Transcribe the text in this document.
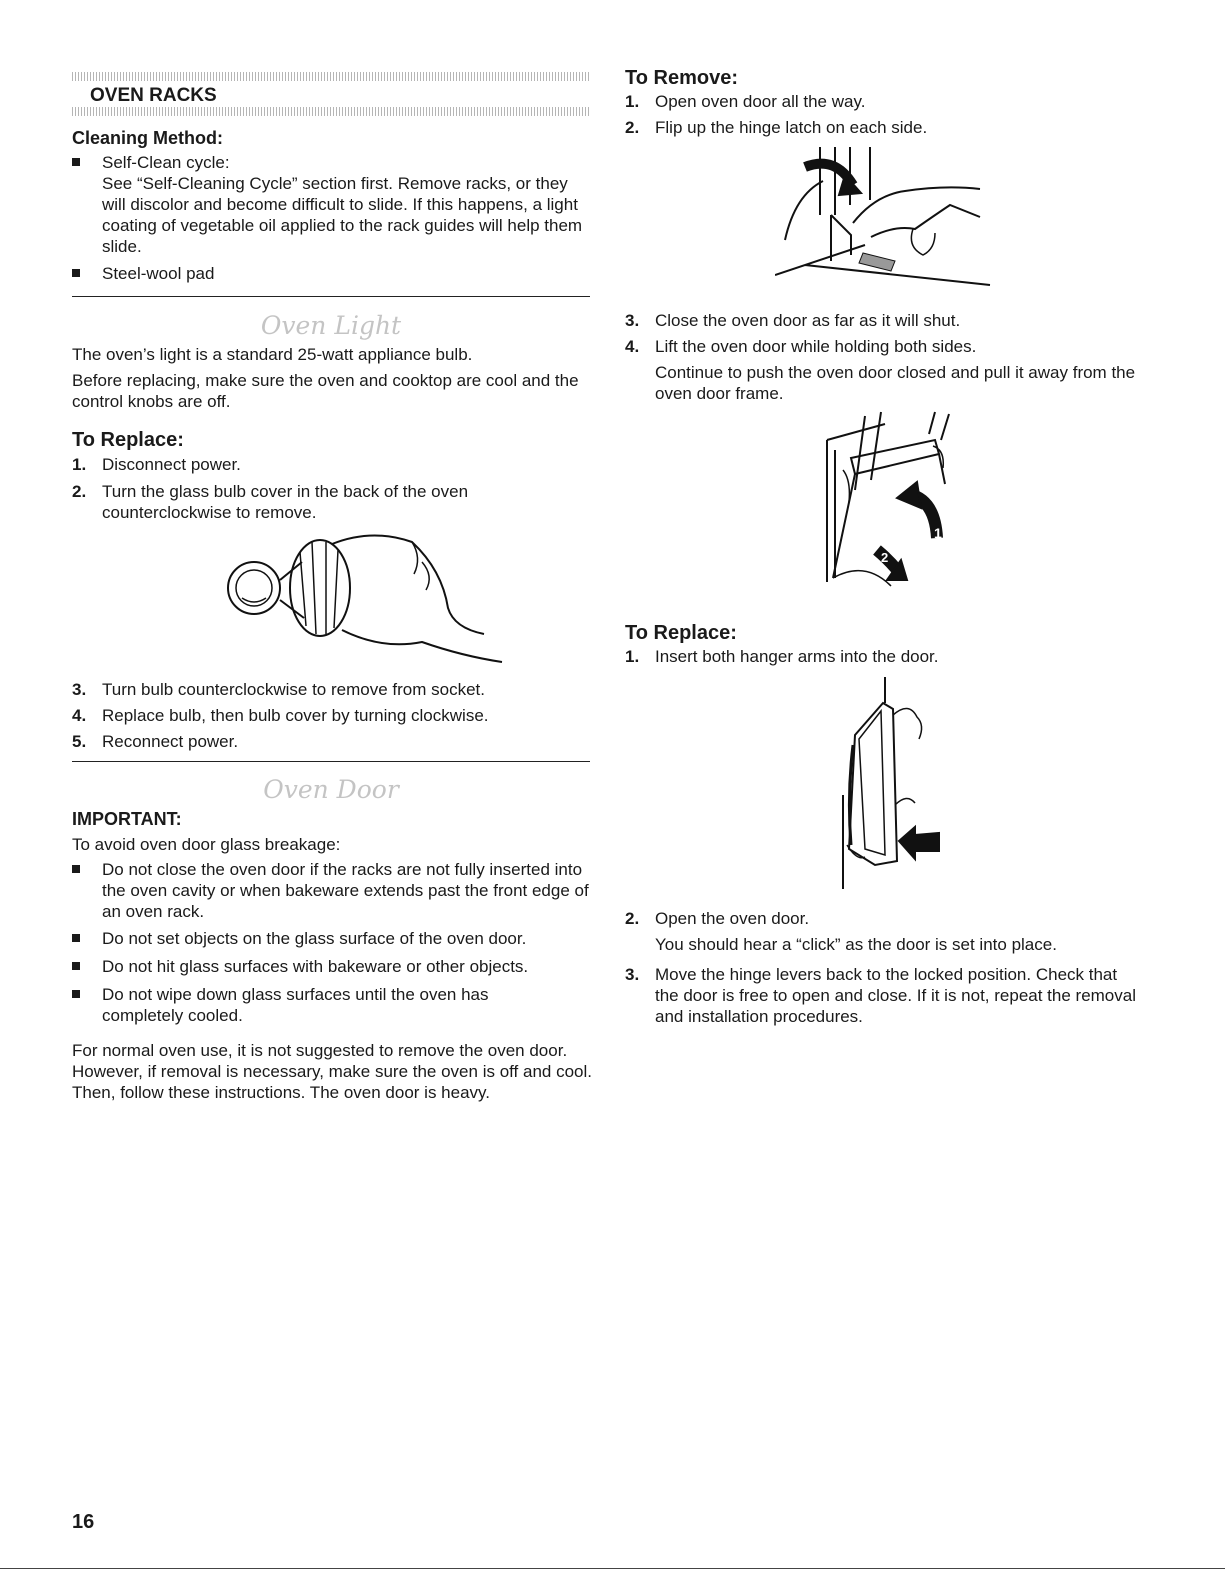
OVEN RACKS
Cleaning Method:
Self-Clean cycle:
See “Self-Cleaning Cycle” section first. Remove racks, or they will discolor and become difficult to slide. If this happens, a light coating of vegetable oil applied to the rack guides will help them slide.
Steel-wool pad
Oven Light

The oven’s light is a standard 25-watt appliance bulb.

Before replacing, make sure the oven and cooktop are cool and the control knobs are off.

To Replace:
1. Disconnect power.
2. Turn the glass bulb cover in the back of the oven counterclockwise to remove.
3. Turn bulb counterclockwise to remove from socket.
4. Replace bulb, then bulb cover by turning clockwise.
5. Reconnect power.
Oven Door
IMPORTANT:

To avoid oven door glass breakage:

Do not close the oven door if the racks are not fully inserted into the oven cavity or when bakeware extends past the front edge of an oven rack.
Do not set objects on the glass surface of the oven door.
Do not hit glass surfaces with bakeware or other objects.
Do not wipe down glass surfaces until the oven has completely cooled.

For normal oven use, it is not suggested to remove the oven door. However, if removal is necessary, make sure the oven is off and cool. Then, follow these instructions. The oven door is heavy.

To Remove:
1. Open oven door all the way.
2. Flip up the hinge latch on each side.
3. Close the oven door as far as it will shut.
4. Lift the oven door while holding both sides.
Continue to push the oven door closed and pull it away from the oven door frame.
1
2
To Replace:
1. Insert both hanger arms into the door.
2. Open the oven door.
You should hear a “click” as the door is set into place.
3. Move the hinge levers back to the locked position. Check that the door is free to open and close. If it is not, repeat the removal and installation procedures.
16
